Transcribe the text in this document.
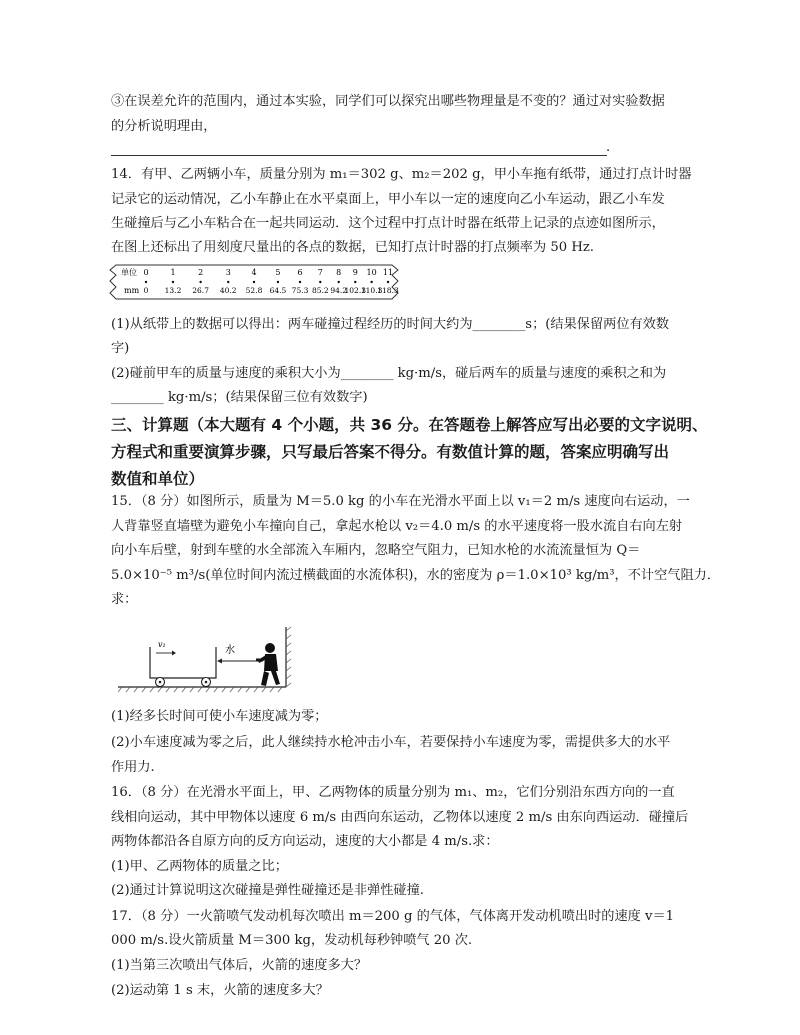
③在误差允许的范围内，通过本实验，同学们可以探究出哪些物理量是不变的？通过对实验数据
的分析说明理由，
.
14．有甲、乙两辆小车，质量分别为 m₁＝302 g、m₂＝202 g，甲小车拖有纸带，通过打点计时器
记录它的运动情况，乙小车静止在水平桌面上，甲小车以一定的速度向乙小车运动，跟乙小车发
生碰撞后与乙小车粘合在一起共同运动．这个过程中打点计时器在纸带上记录的点迹如图所示，
在图上还标出了用刻度尺量出的各点的数据，已知打点计时器的打点频率为 50 Hz.
单位
mm
0
0
1
13.2
2
26.7
3
40.2
4
52.8
5
64.5
6
75.3
7
85.2
8
94.2
9
102.3
10
110.3
11
118.3
(1)从纸带上的数据可以得出：两车碰撞过程经历的时间大约为________s；(结果保留两位有效数
字)
(2)碰前甲车的质量与速度的乘积大小为________ kg·m/s，碰后两车的质量与速度的乘积之和为
________ kg·m/s；(结果保留三位有效数字)
三、计算题（本大题有 4 个小题，共 36 分。在答题卷上解答应写出必要的文字说明、
方程式和重要演算步骤，只写最后答案不得分。有数值计算的题，答案应明确写出
数值和单位）
15．（8 分）如图所示，质量为 M＝5.0 kg 的小车在光滑水平面上以 v₁＝2 m/s 速度向右运动，一
人背靠竖直墙壁为避免小车撞向自己，拿起水枪以 v₂＝4.0 m/s 的水平速度将一股水流自右向左射
向小车后壁，射到车壁的水全部流入车厢内，忽略空气阻力，已知水枪的水流流量恒为 Q＝
5.0×10⁻⁵ m³/s(单位时间内流过横截面的水流体积)，水的密度为 ρ＝1.0×10³ kg/m³，不计空气阻力．
求：
v₁
水
(1)经多长时间可使小车速度减为零；
(2)小车速度减为零之后，此人继续持水枪冲击小车，若要保持小车速度为零，需提供多大的水平
作用力.
16．（8 分）在光滑水平面上，甲、乙两物体的质量分别为 m₁、m₂，它们分别沿东西方向的一直
线相向运动，其中甲物体以速度 6 m/s 由西向东运动，乙物体以速度 2 m/s 由东向西运动．碰撞后
两物体都沿各自原方向的反方向运动，速度的大小都是 4 m/s.求：
(1)甲、乙两物体的质量之比；
(2)通过计算说明这次碰撞是弹性碰撞还是非弹性碰撞.
17．（8 分）一火箭喷气发动机每次喷出 m＝200 g 的气体，气体离开发动机喷出时的速度 v＝1
000 m/s.设火箭质量 M＝300 kg，发动机每秒钟喷气 20 次.
(1)当第三次喷出气体后，火箭的速度多大？
(2)运动第 1 s 末，火箭的速度多大？
